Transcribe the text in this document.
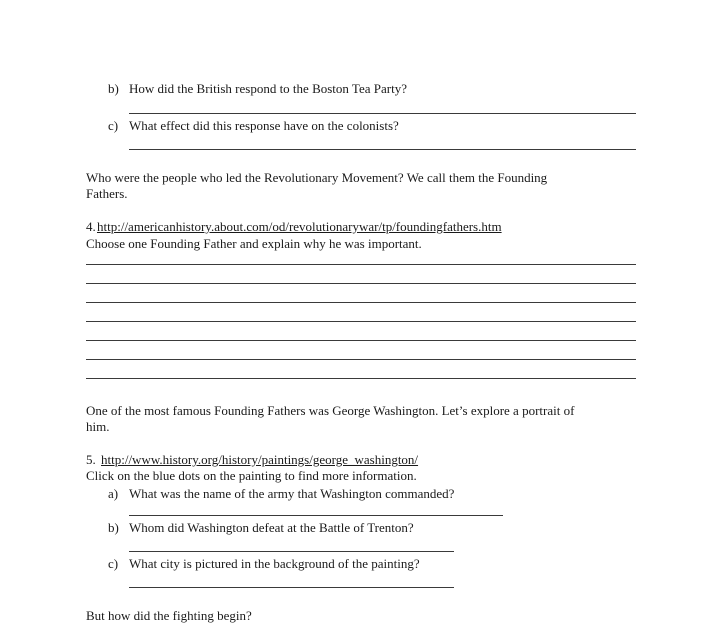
b) How did the British respond to the Boston Tea Party?
c) What effect did this response have on the colonists?
Who were the people who led the Revolutionary Movement? We call them the Founding
Fathers.
4. http://americanhistory.about.com/od/revolutionarywar/tp/foundingfathers.htm
Choose one Founding Father and explain why he was important.
One of the most famous Founding Fathers was George Washington. Let’s explore a portrait of
him.
5. http://www.history.org/history/paintings/george_washington/
Click on the blue dots on the painting to find more information.
a) What was the name of the army that Washington commanded?
b) Whom did Washington defeat at the Battle of Trenton?
c) What city is pictured in the background of the painting?
But how did the fighting begin?
